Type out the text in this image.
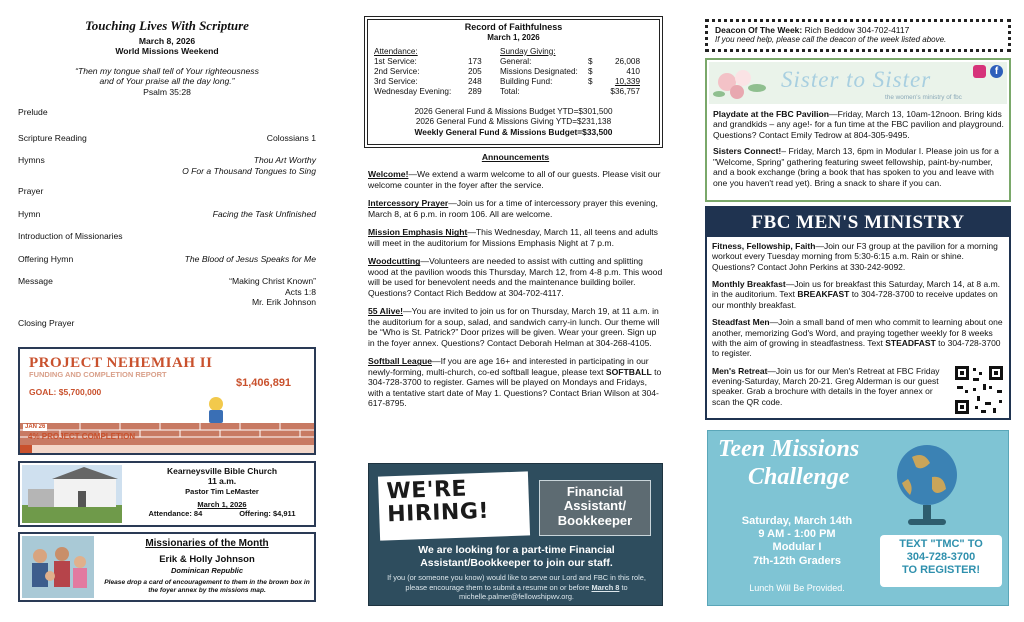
Touching Lives With Scripture
March 8, 2026
World Missions Weekend
“Then my tongue shall tell of Your righteousness
and of Your praise all the day long.”
Psalm 35:28
Prelude
Scripture Reading	Colossians 1
Hymns	Thou Art Worthy
O For a Thousand Tongues to Sing
Prayer
Hymn	Facing the Task Unfinished
Introduction of Missionaries
Offering Hymn	The Blood of Jesus Speaks for Me
Message	“Making Christ Known”
Acts 1:8
Mr. Erik Johnson
Closing Prayer
PROJECT NEHEMIAH II
FUNDING AND COMPLETION REPORT
GOAL: $5,700,000
$1,406,891
JAN 26
4% PROJECT COMPLETION
Kearneysville Bible Church
11 a.m.
Pastor Tim LeMaster
March 1, 2026
Attendance: 84	Offering: $4,911
Missionaries of the Month
Erik & Holly Johnson
Dominican Republic
Please drop a card of encouragement to them in the brown box in the foyer annex by the missions map.
Record of Faithfulness
March 1, 2026
Attendance:	Sunday Giving:
1st Service:	173	General:	$	26,008
2nd Service:	205	Missions Designated:	$	410
3rd Service:	248	Building Fund:	$	10,339
Wednesday Evening:	289	Total:	$36,757
2026 General Fund & Missions Budget YTD=$301,500
2026 General Fund & Missions Giving YTD=$231,138
Weekly General Fund & Missions Budget=$33,500
Announcements

Welcome!—We extend a warm welcome to all of our guests. Please visit our welcome counter in the foyer after the service.

Intercessory Prayer—Join us for a time of intercessory prayer this evening, March 8, at 6 p.m. in room 106. All are welcome.

Mission Emphasis Night—This Wednesday, March 11, all teens and adults will meet in the auditorium for Missions Emphasis Night at 7 p.m.

Woodcutting—Volunteers are needed to assist with cutting and splitting wood at the pavilion woods this Thursday, March 12, from 4-8 p.m. This wood will be used for benevolent needs and the maintenance building boiler. Questions? Contact Rich Beddow at 304-702-4117.

55 Alive!—You are invited to join us for on Thursday, March 19, at 11 a.m. in the auditorium for a soup, salad, and sandwich carry-in lunch. Our theme will be “Who is St. Patrick?” Door prizes will be given. Wear your green. Sign up in the foyer annex. Questions? Contact Deborah Helman at 304-268-4105.

Softball League—If you are age 16+ and interested in participating in our newly-forming, multi-church, co-ed softball league, please text SOFTBALL to 304-728-3700 to register. Games will be played on Mondays and Fridays, with a tentative start date of May 1. Questions? Contact Brian Wilson at 304-617-8795.

WE'RE HIRING!
Financial Assistant/ Bookkeeper
We are looking for a part-time Financial Assistant/Bookkeeper to join our staff.
If you (or someone you know) would like to serve our Lord and FBC in this role, please encourage them to submit a resume on or before March 8 to michelle.palmer@fellowshipwv.org.
Deacon Of The Week: Rich Beddow 304-702-4117
If you need help, please call the deacon of the week listed above.
Sister to Sister
the women's ministry of fbc
f

Playdate at the FBC Pavilion—Friday, March 13, 10am-12noon. Bring kids and grandkids – any age!- for a fun time at the FBC pavilion and playground. Questions? Contact Emily Tedrow at 804-305-9495.

Sisters Connect!– Friday, March 13, 6pm in Modular I. Please join us for a "Welcome, Spring" gathering featuring sweet fellowship, paint-by-number, and a book exchange (bring a book that has spoken to you and leave with one you haven't read yet). Bring a snack to share if you can.

FBC MEN'S MINISTRY

Fitness, Fellowship, Faith—Join our F3 group at the pavilion for a morning workout every Tuesday morning from 5:30-6:15 a.m. Rain or shine. Questions? Contact John Perkins at 330-242-9092.

Monthly Breakfast—Join us for breakfast this Saturday, March 14, at 8 a.m. in the auditorium. Text BREAKFAST to 304-728-3700 to receive updates on our monthly breakfast.

Steadfast Men—Join a small band of men who commit to learning about one another, memorizing God's Word, and praying together weekly for 8 weeks with the aim of growing in steadfastness. Text STEADFAST to 304-728-3700 to register.

Men's Retreat—Join us for our Men's Retreat at FBC Friday evening-Saturday, March 20-21. Greg Alderman is our guest speaker. Grab a brochure with details in the foyer annex or scan the QR code.

Teen Missions
Challenge
Saturday, March 14th
9 AM - 1:00 PM
Modular I
7th-12th Graders
TEXT "TMC" TO
304-728-3700
TO REGISTER!
Lunch Will Be Provided.
